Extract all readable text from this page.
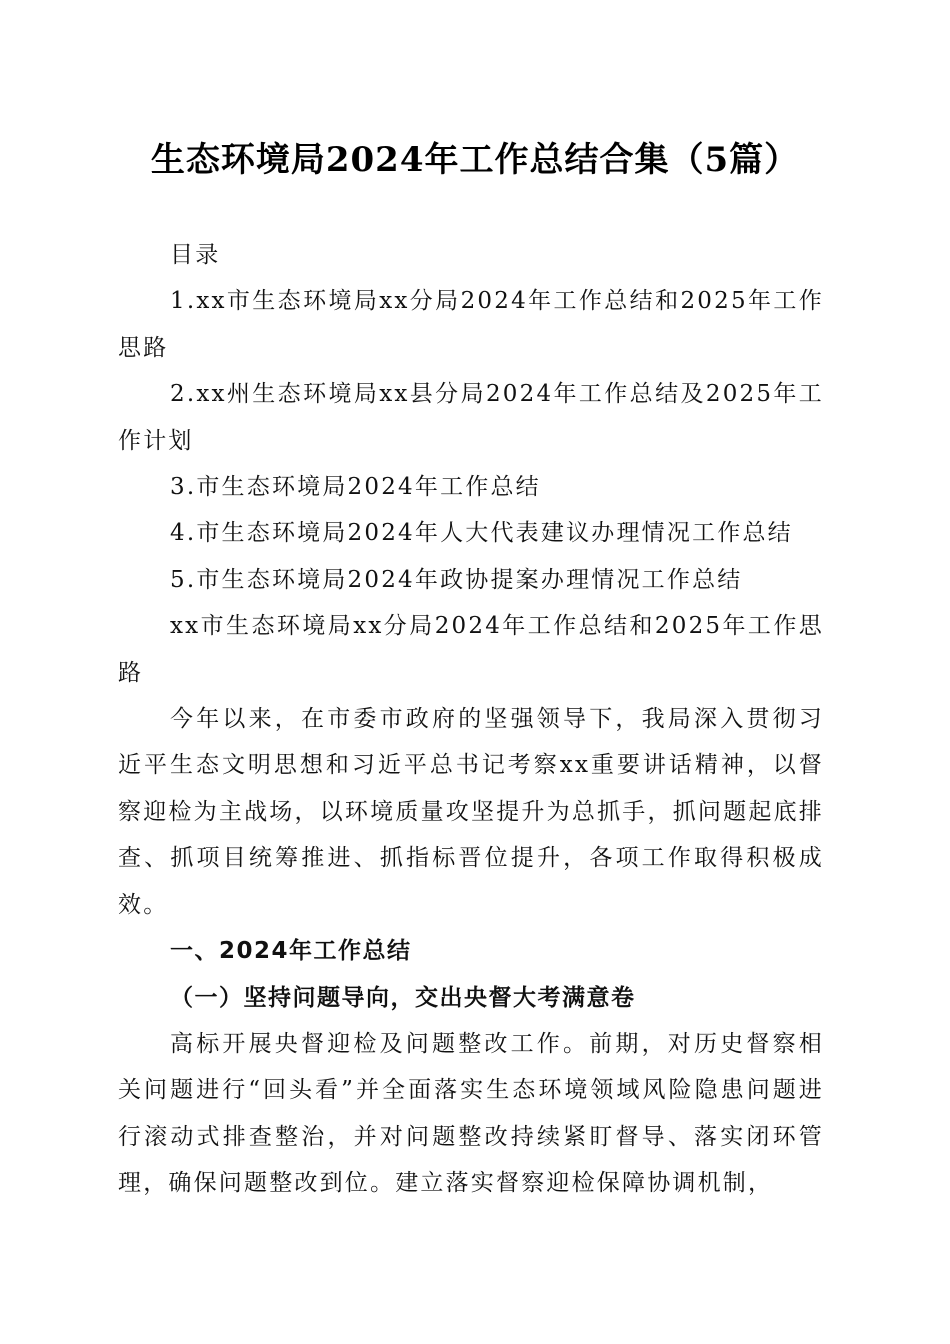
生态环境局2024年工作总结合集（5篇）

目录

1.xx市生态环境局xx分局2024年工作总结和2025年工作思路

2.xx州生态环境局xx县分局2024年工作总结及2025年工作计划

3.市生态环境局2024年工作总结

4.市生态环境局2024年人大代表建议办理情况工作总结

5.市生态环境局2024年政协提案办理情况工作总结

xx市生态环境局xx分局2024年工作总结和2025年工作思路

今年以来，在市委市政府的坚强领导下，我局深入贯彻习近平生态文明思想和习近平总书记考察xx重要讲话精神，以督察迎检为主战场，以环境质量攻坚提升为总抓手，抓问题起底排查、抓项目统筹推进、抓指标晋位提升，各项工作取得积极成效。

一、2024年工作总结

（一）坚持问题导向，交出央督大考满意卷

高标开展央督迎检及问题整改工作。前期，对历史督察相关问题进行“回头看”并全面落实生态环境领域风险隐患问题进行滚动式排查整治，并对问题整改持续紧盯督导、落实闭环管理，确保问题整改到位。建立落实督察迎检保障协调机制，
